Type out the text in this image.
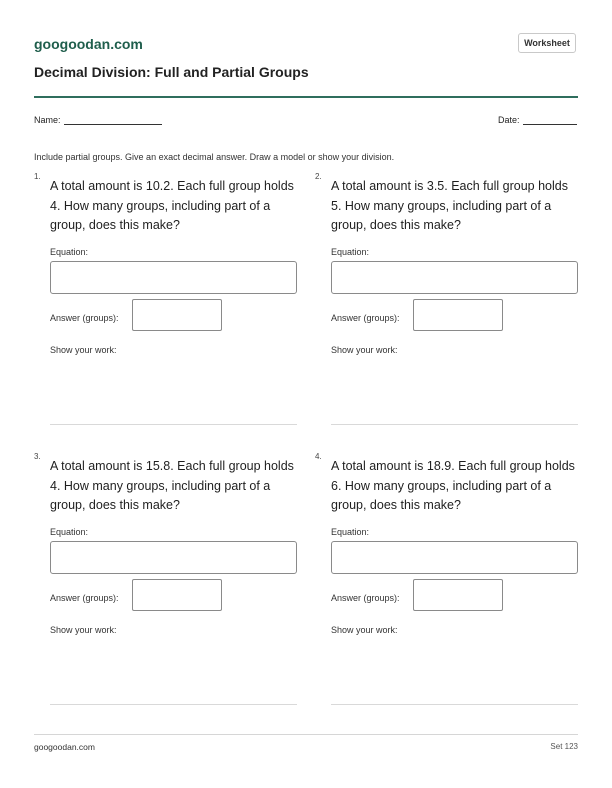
googoodan.com	Worksheet
Decimal Division: Full and Partial Groups
Name:	Date:
Include partial groups. Give an exact decimal answer. Draw a model or show your division.
1.
A total amount is 10.2. Each full group holds 4. How many groups, including part of a group, does this make?
Equation:
Answer (groups):
Show your work:
2.
A total amount is 3.5. Each full group holds 5. How many groups, including part of a group, does this make?
Equation:
Answer (groups):
Show your work:
3.
A total amount is 15.8. Each full group holds 4. How many groups, including part of a group, does this make?
Equation:
Answer (groups):
Show your work:
4.
A total amount is 18.9. Each full group holds 6. How many groups, including part of a group, does this make?
Equation:
Answer (groups):
Show your work:
googoodan.com	Set 123
